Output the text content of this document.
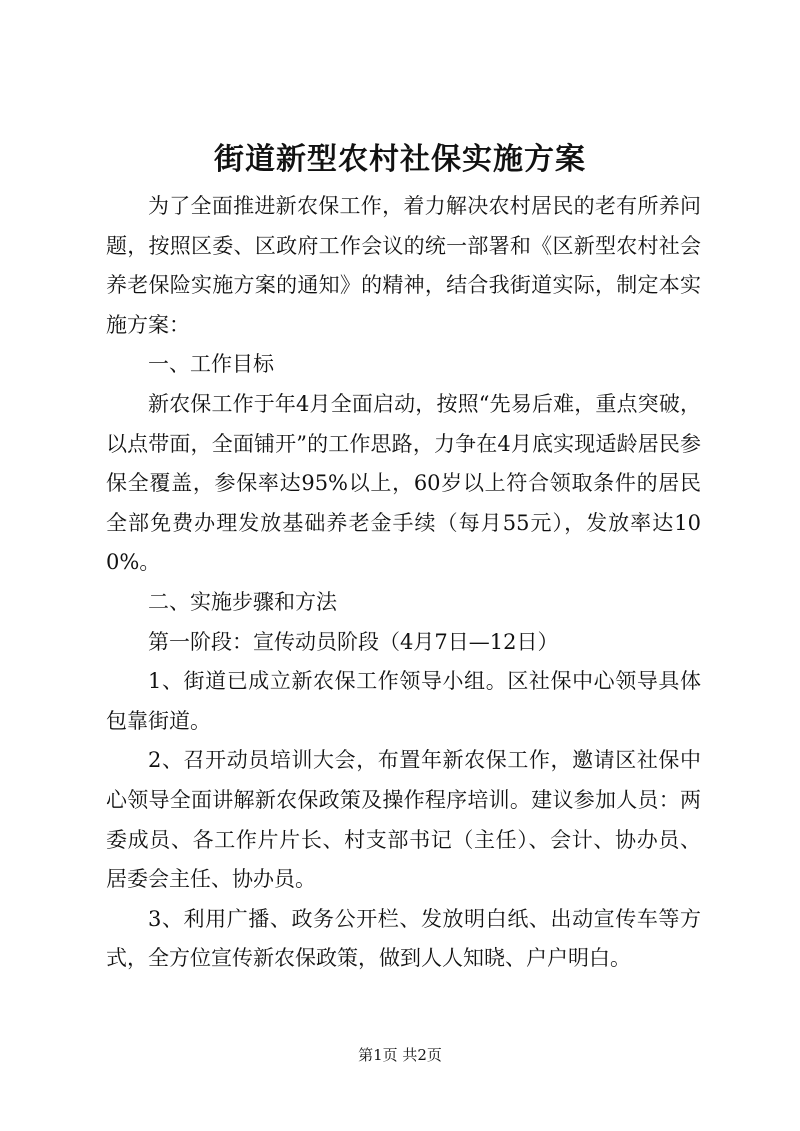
街道新型农村社保实施方案

为了全面推进新农保工作，着力解决农村居民的老有所养问题，按照区委、区政府工作会议的统一部署和《区新型农村社会养老保险实施方案的通知》的精神，结合我街道实际，制定本实施方案：

一、工作目标

新农保工作于年4月全面启动，按照“先易后难，重点突破，以点带面，全面铺开”的工作思路，力争在4月底实现适龄居民参保全覆盖，参保率达95%以上，60岁以上符合领取条件的居民全部免费办理发放基础养老金手续（每月55元），发放率达100%。

二、实施步骤和方法

第一阶段：宣传动员阶段（4月7日—12日）

1、街道已成立新农保工作领导小组。区社保中心领导具体包靠街道。

2、召开动员培训大会，布置年新农保工作，邀请区社保中心领导全面讲解新农保政策及操作程序培训。建议参加人员：两委成员、各工作片片长、村支部书记（主任）、会计、协办员、居委会主任、协办员。

3、利用广播、政务公开栏、发放明白纸、出动宣传车等方式，全方位宣传新农保政策，做到人人知晓、户户明白。

第1页 共2页
